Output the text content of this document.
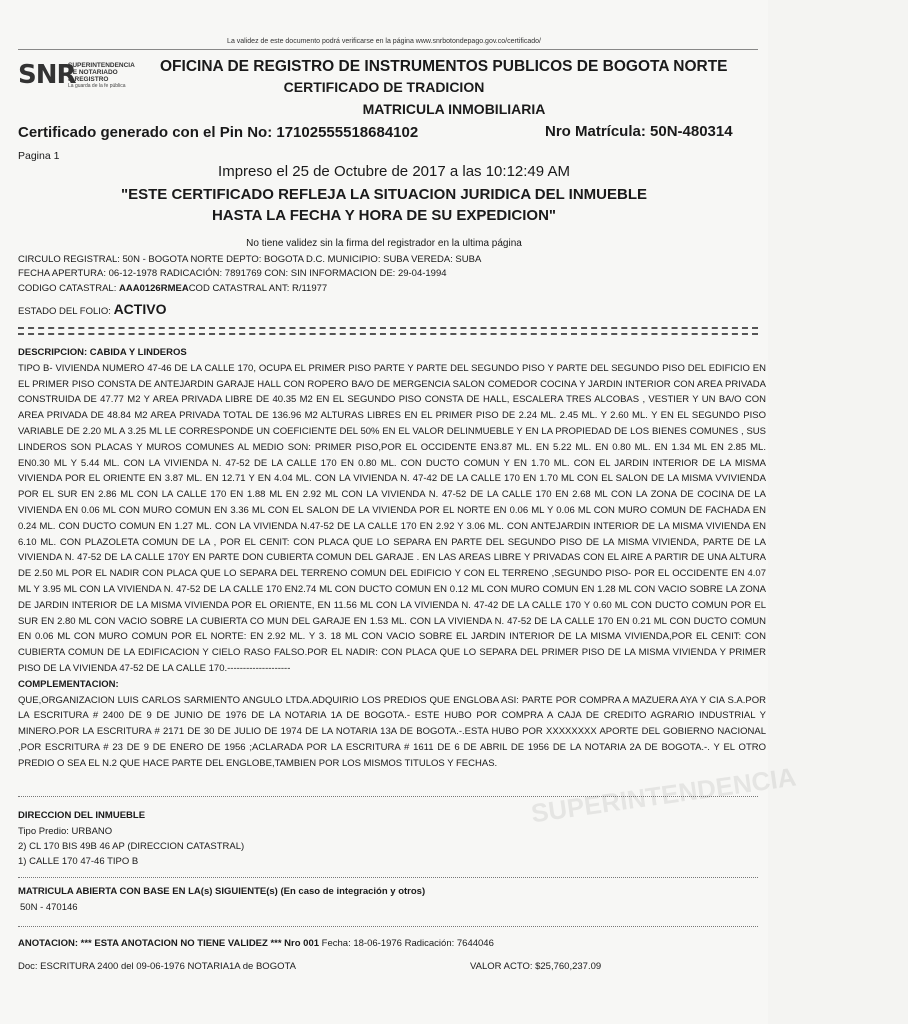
La validez de este documento podrá verificarse en la página www.snrbotondepago.gov.co/certificado/
SNR
SUPERINTENDENCIA
DE NOTARIADO
& REGISTRO
La guarda de la fe pública
OFICINA DE REGISTRO DE INSTRUMENTOS PUBLICOS DE BOGOTA NORTE
CERTIFICADO DE TRADICION
MATRICULA INMOBILIARIA
Certificado generado con el Pin No: 17102555518684102	Nro Matrícula: 50N-480314
Pagina 1
Impreso el 25 de Octubre de 2017 a las 10:12:49 AM
"ESTE CERTIFICADO REFLEJA LA SITUACION JURIDICA DEL INMUEBLE
HASTA LA FECHA Y HORA DE SU EXPEDICION"
No tiene validez sin la firma del registrador en la ultima página
CIRCULO REGISTRAL: 50N - BOGOTA NORTE DEPTO: BOGOTA D.C. MUNICIPIO: SUBA VEREDA: SUBA
FECHA APERTURA: 06-12-1978 RADICACIÓN: 7891769 CON: SIN INFORMACION DE: 29-04-1994
CODIGO CATASTRAL: AAA0126RMEACOD CATASTRAL ANT: R/11977
ESTADO DEL FOLIO: ACTIVO
DESCRIPCION: CABIDA Y LINDEROS
TIPO B- VIVIENDA NUMERO 47-46 DE LA CALLE 170, OCUPA EL PRIMER PISO PARTE Y PARTE DEL SEGUNDO PISO Y PARTE DEL SEGUNDO PISO DEL EDIFICIO EN EL PRIMER PISO CONSTA DE ANTEJARDIN GARAJE HALL CON ROPERO BA/O DE MERGENCIA SALON COMEDOR COCINA Y JARDIN INTERIOR CON AREA PRIVADA CONSTRUIDA DE 47.77 M2 Y AREA PRIVADA LIBRE DE 40.35 M2 EN EL SEGUNDO PISO CONSTA DE HALL, ESCALERA TRES ALCOBAS , VESTIER Y UN BA/O CON AREA PRIVADA DE 48.84 M2 AREA PRIVADA TOTAL DE 136.96 M2 ALTURAS LIBRES EN EL PRIMER PISO DE 2.24 ML. 2.45 ML. Y 2.60 ML. Y EN EL SEGUNDO PISO VARIABLE DE 2.20 ML A 3.25 ML LE CORRESPONDE UN COEFICIENTE DEL 50% EN EL VALOR DELINMUEBLE Y EN LA PROPIEDAD DE LOS BIENES COMUNES , SUS LINDEROS SON PLACAS Y MUROS COMUNES AL MEDIO SON: PRIMER PISO,POR EL OCCIDENTE EN3.87 ML. EN 5.22 ML. EN 0.80 ML. EN 1.34 ML EN 2.85 ML. EN0.30 ML Y 5.44 ML. CON LA VIVIENDA N. 47-52 DE LA CALLE 170 EN 0.80 ML. CON DUCTO COMUN Y EN 1.70 ML. CON EL JARDIN INTERIOR DE LA MISMA VIVIENDA POR EL ORIENTE EN 3.87 ML. EN 12.71 Y EN 4.04 ML. CON LA VIVIENDA N. 47-42 DE LA CALLE 170 EN 1.70 ML CON EL SALON DE LA MISMA VVIVIENDA POR EL SUR EN 2.86 ML CON LA CALLE 170 EN 1.88 ML EN 2.92 ML CON LA VIVIENDA N. 47-52 DE LA CALLE 170 EN 2.68 ML CON LA ZONA DE COCINA DE LA VIVIENDA EN 0.06 ML CON MURO COMUN EN 3.36 ML CON EL SALON DE LA VIVIENDA POR EL NORTE EN 0.06 ML Y 0.06 ML CON MURO COMUN DE FACHADA EN 0.24 ML. CON DUCTO COMUN EN 1.27 ML. CON LA VIVIENDA N.47-52 DE LA CALLE 170 EN 2.92 Y 3.06 ML. CON ANTEJARDIN INTERIOR DE LA MISMA VIVIENDA EN 6.10 ML. CON PLAZOLETA COMUN DE LA , POR EL CENIT: CON PLACA QUE LO SEPARA EN PARTE DEL SEGUNDO PISO DE LA MISMA VIVIENDA, PARTE DE LA VIVIENDA N. 47-52 DE LA CALLE 170Y EN PARTE DON CUBIERTA COMUN DEL GARAJE . EN LAS AREAS LIBRE Y PRIVADAS CON EL AIRE A PARTIR DE UNA ALTURA DE 2.50 ML POR EL NADIR CON PLACA QUE LO SEPARA DEL TERRENO COMUN DEL EDIFICIO Y CON EL TERRENO ,SEGUNDO PISO- POR EL OCCIDENTE EN 4.07 ML Y 3.95 ML CON LA VIVIENDA N. 47-52 DE LA CALLE 170 EN2.74 ML CON DUCTO COMUN EN 0.12 ML CON MURO COMUN EN 1.28 ML CON VACIO SOBRE LA ZONA DE JARDIN INTERIOR DE LA MISMA VIVIENDA POR EL ORIENTE, EN 11.56 ML CON LA VIVIENDA N. 47-42 DE LA CALLE 170 Y 0.60 ML CON DUCTO COMUN POR EL SUR EN 2.80 ML CON VACIO SOBRE LA CUBIERTA CO MUN DEL GARAJE EN 1.53 ML. CON LA VIVIENDA N. 47-52 DE LA CALLE 170 EN 0.21 ML CON DUCTO COMUN EN 0.06 ML CON MURO COMUN POR EL NORTE: EN 2.92 ML. Y 3. 18 ML CON VACIO SOBRE EL JARDIN INTERIOR DE LA MISMA VIVIENDA,POR EL CENIT: CON CUBIERTA COMUN DE LA EDIFICACION Y CIELO RASO FALSO.POR EL NADIR: CON PLACA QUE LO SEPARA DEL PRIMER PISO DE LA MISMA VIVIENDA Y PRIMER PISO DE LA VIVIENDA 47-52 DE LA CALLE 170.--------------------
COMPLEMENTACION:
QUE,ORGANIZACION LUIS CARLOS SARMIENTO ANGULO LTDA.ADQUIRIO LOS PREDIOS QUE ENGLOBA ASI: PARTE POR COMPRA A MAZUERA AYA Y CIA S.A.POR LA ESCRITURA # 2400 DE 9 DE JUNIO DE 1976 DE LA NOTARIA 1A DE BOGOTA.- ESTE HUBO POR COMPRA A CAJA DE CREDITO AGRARIO INDUSTRIAL Y MINERO.POR LA ESCRITURA # 2171 DE 30 DE JULIO DE 1974 DE LA NOTARIA 13A DE BOGOTA.-.ESTA HUBO POR XXXXXXXX APORTE DEL GOBIERNO NACIONAL ,POR ESCRITURA # 23 DE 9 DE ENERO DE 1956 ;ACLARADA POR LA ESCRITURA # 1611 DE 6 DE ABRIL DE 1956 DE LA NOTARIA 2A DE BOGOTA.-. Y EL OTRO PREDIO O SEA EL N.2 QUE HACE PARTE DEL ENGLOBE,TAMBIEN POR LOS MISMOS TITULOS Y FECHAS.	SUPERINTENDENCIA
DIRECCION DEL INMUEBLE
Tipo Predio: URBANO
2) CL 170 BIS 49B 46 AP (DIRECCION CATASTRAL)
1) CALLE 170 47-46 TIPO B
MATRICULA ABIERTA CON BASE EN LA(s) SIGUIENTE(s) (En caso de integración y otros)
50N - 470146
ANOTACION: *** ESTA ANOTACION NO TIENE VALIDEZ *** Nro 001 Fecha: 18-06-1976 Radicación: 7644046
Doc: ESCRITURA 2400 del 09-06-1976 NOTARIA1A de BOGOTA	VALOR ACTO: $25,760,237.09
